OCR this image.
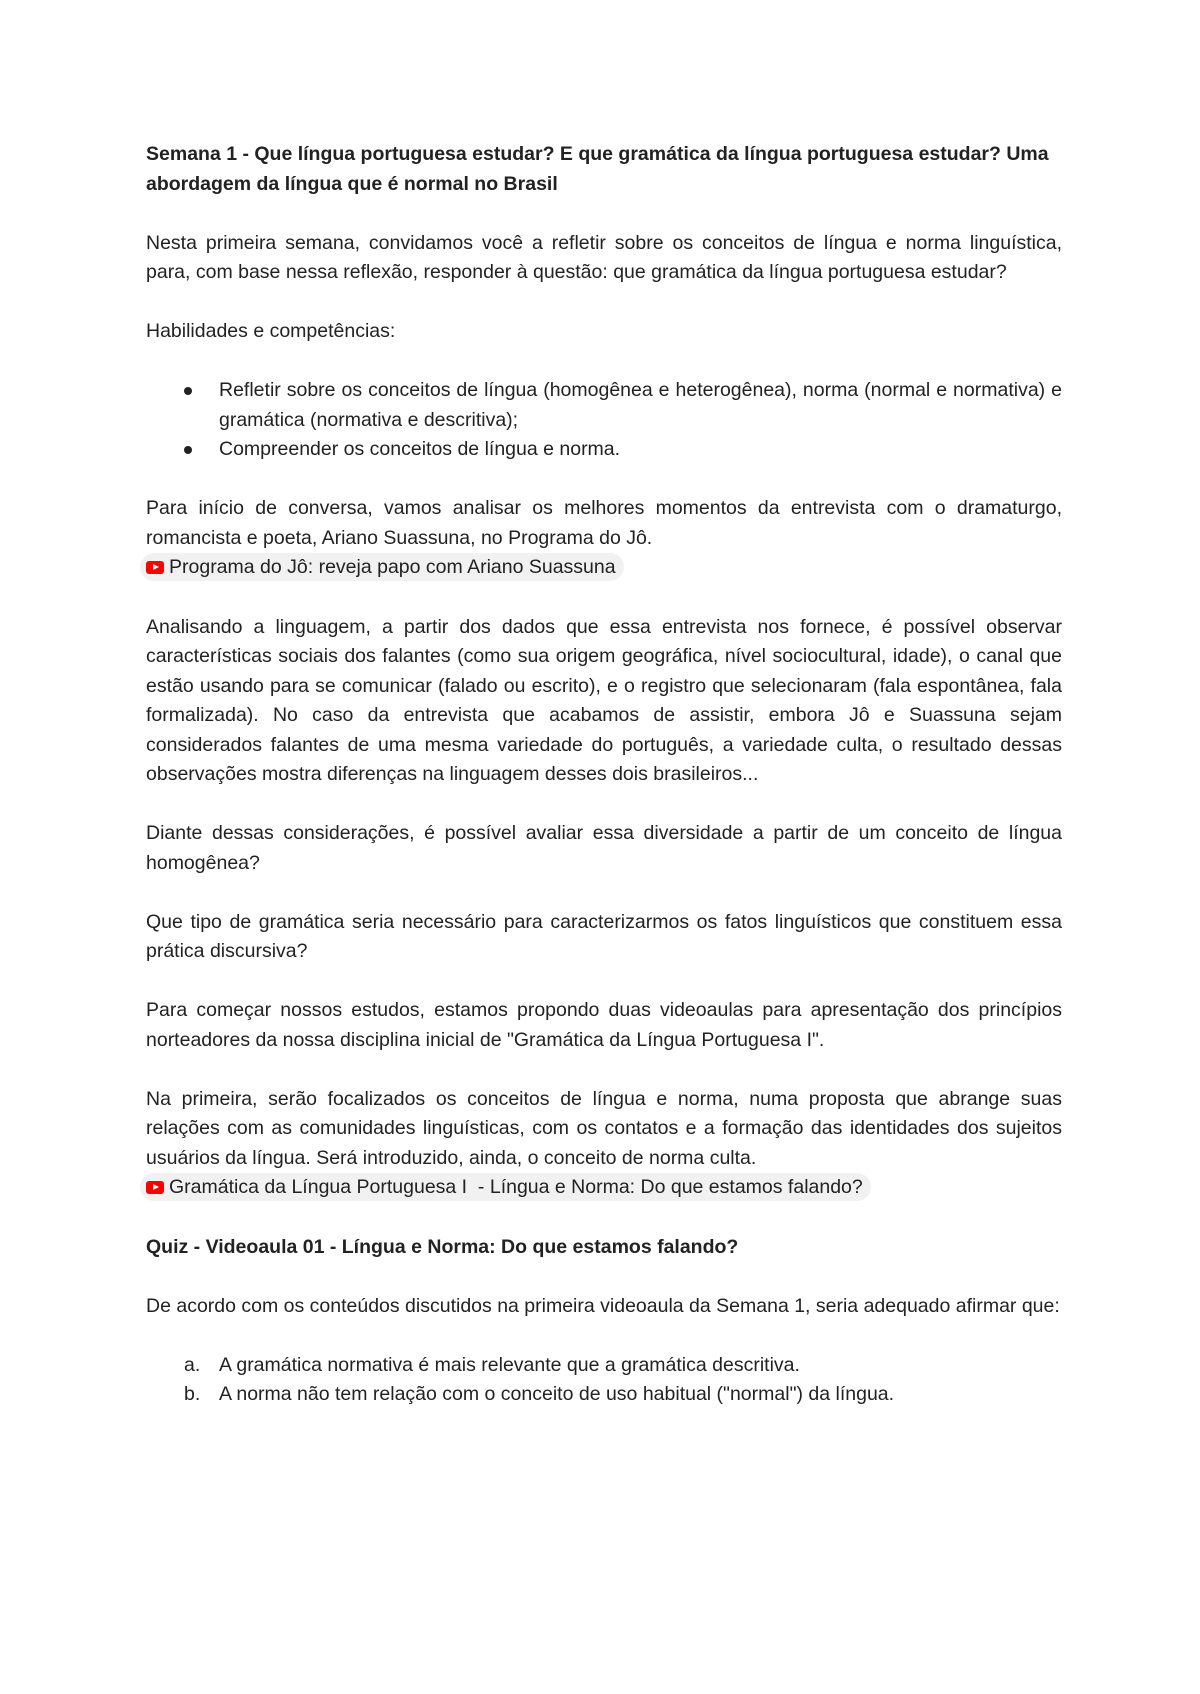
Semana 1 - Que língua portuguesa estudar? E que gramática da língua portuguesa estudar? Uma abordagem da língua que é normal no Brasil

Nesta primeira semana, convidamos você a refletir sobre os conceitos de língua e norma linguística, para, com base nessa reflexão, responder à questão: que gramática da língua portuguesa estudar?

Habilidades e competências:

Refletir sobre os conceitos de língua (homogênea e heterogênea), norma (normal e normativa) e gramática (normativa e descritiva);
Compreender os conceitos de língua e norma.

Para início de conversa, vamos analisar os melhores momentos da entrevista com o dramaturgo, romancista e poeta, Ariano Suassuna, no Programa do Jô.

Programa do Jô: reveja papo com Ariano Suassuna

Analisando a linguagem, a partir dos dados que essa entrevista nos fornece, é possível observar características sociais dos falantes (como sua origem geográfica, nível sociocultural, idade), o canal que estão usando para se comunicar (falado ou escrito), e o registro que selecionaram (fala espontânea, fala formalizada). No caso da entrevista que acabamos de assistir, embora Jô e Suassuna sejam considerados falantes de uma mesma variedade do português, a variedade culta, o resultado dessas observações mostra diferenças na linguagem desses dois brasileiros...

Diante dessas considerações, é possível avaliar essa diversidade a partir de um conceito de língua homogênea?

Que tipo de gramática seria necessário para caracterizarmos os fatos linguísticos que constituem essa prática discursiva?

Para começar nossos estudos, estamos propondo duas videoaulas para apresentação dos princípios norteadores da nossa disciplina inicial de "Gramática da Língua Portuguesa I".

Na primeira, serão focalizados os conceitos de língua e norma, numa proposta que abrange suas relações com as comunidades linguísticas, com os contatos e a formação das identidades dos sujeitos usuários da língua. Será introduzido, ainda, o conceito de norma culta.

Gramática da Língua Portuguesa I  - Língua e Norma: Do que estamos falando?

Quiz - Videoaula 01 - Língua e Norma: Do que estamos falando?

De acordo com os conteúdos discutidos na primeira videoaula da Semana 1, seria adequado afirmar que:

a. A gramática normativa é mais relevante que a gramática descritiva.
b. A norma não tem relação com o conceito de uso habitual ("normal") da língua.
